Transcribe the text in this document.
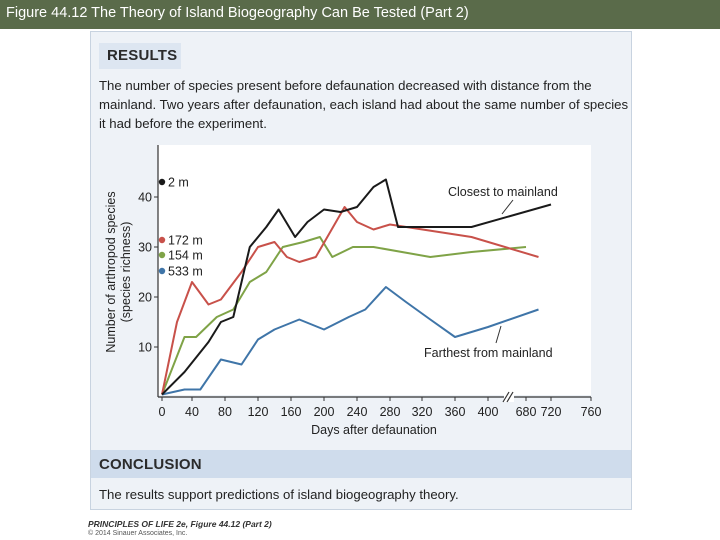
Figure 44.12 The Theory of Island Biogeography Can Be Tested (Part 2)
RESULTS
The number of species present before defaunation decreased with distance from the mainland. Two years after defaunation, each island had about the same number of species it had before the experiment.
0 40 80 120 160 200 240 280 320 360 400 680 720 760
10
20
30
40
2 m
172 m
154 m
533 m
Closest to mainland
Farthest from mainland
Days after defaunation
Number of arthropod species (species richness)
CONCLUSION
The results support predictions of island biogeography theory.
PRINCIPLES OF LIFE 2e, Figure 44.12 (Part 2)
© 2014 Sinauer Associates, Inc.
